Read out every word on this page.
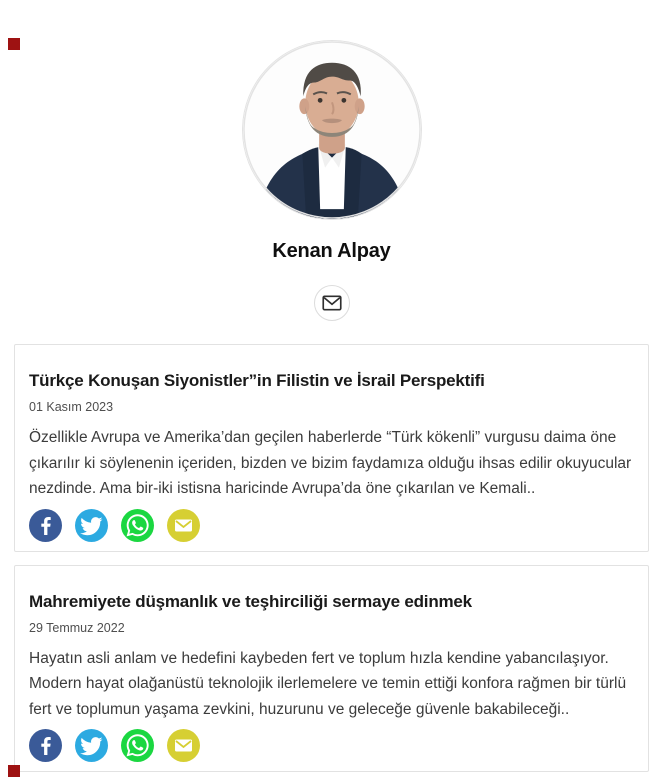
Kenan Alpay
Türkçe Konuşan Siyonistler”in Filistin ve İsrail Perspektifi
01 Kasım 2023
Özellikle Avrupa ve Amerika’dan geçilen haberlerde “Türk kökenli” vurgusu daima öne çıkarılır ki söylenenin içeriden, bizden ve bizim faydamıza olduğu ihsas edilir okuyucular nezdinde. Ama bir-iki istisna haricinde Avrupa’da öne çıkarılan ve Kemali..
Mahremiyete düşmanlık ve teşhirciliği sermaye edinmek
29 Temmuz 2022
Hayatın asli anlam ve hedefini kaybeden fert ve toplum hızla kendine yabancılaşıyor. Modern hayat olağanüstü teknolojik ilerlemelere ve temin ettiği konfora rağmen bir türlü fert ve toplumun yaşama zevkini, huzurunu ve geleceğe güvenle bakabileceği..
